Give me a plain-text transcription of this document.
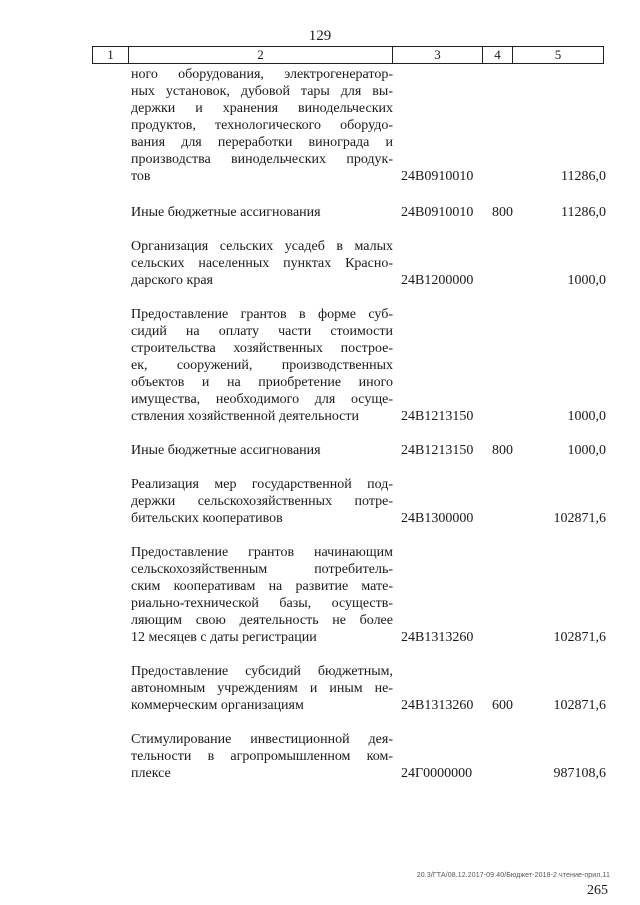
129
1	2	3	4	5
ного оборудования, электрогенератор-
ных установок, дубовой тары для вы-
держки и хранения винодельческих
продуктов, технологического оборудо-
вания для переработки винограда и
производства винодельческих продук-
тов	24В0910010	11286,0
Иные бюджетные ассигнования	24В0910010 800	11286,0
Организация сельских усадеб в малых
сельских населенных пунктах Красно-
дарского края	24В1200000	1000,0
Предоставление грантов в форме суб-
сидий на оплату части стоимости
строительства хозяйственных построе-
ек, сооружений, производственных
объектов и на приобретение иного
имущества, необходимого для осуще-
ствления хозяйственной деятельности	24В1213150	1000,0
Иные бюджетные ассигнования	24В1213150 800	1000,0
Реализация мер государственной под-
держки сельскохозяйственных потре-
бительских кооперативов	24В1300000	102871,6
Предоставление грантов начинающим
сельскохозяйственным потребитель-
ским кооперативам на развитие мате-
риально-технической базы, осуществ-
ляющим свою деятельность не более
12 месяцев с даты регистрации	24В1313260	102871,6
Предоставление субсидий бюджетным,
автономным учреждениям и иным не-
коммерческим организациям	24В1313260 600	102871,6
Стимулирование инвестиционной дея-
тельности в агропромышленном ком-
плексе	24Г0000000	987108,6
20.3/ГТА/08.12.2017-09.40/Бюджет-2018-2 чтение-прил.11
265
